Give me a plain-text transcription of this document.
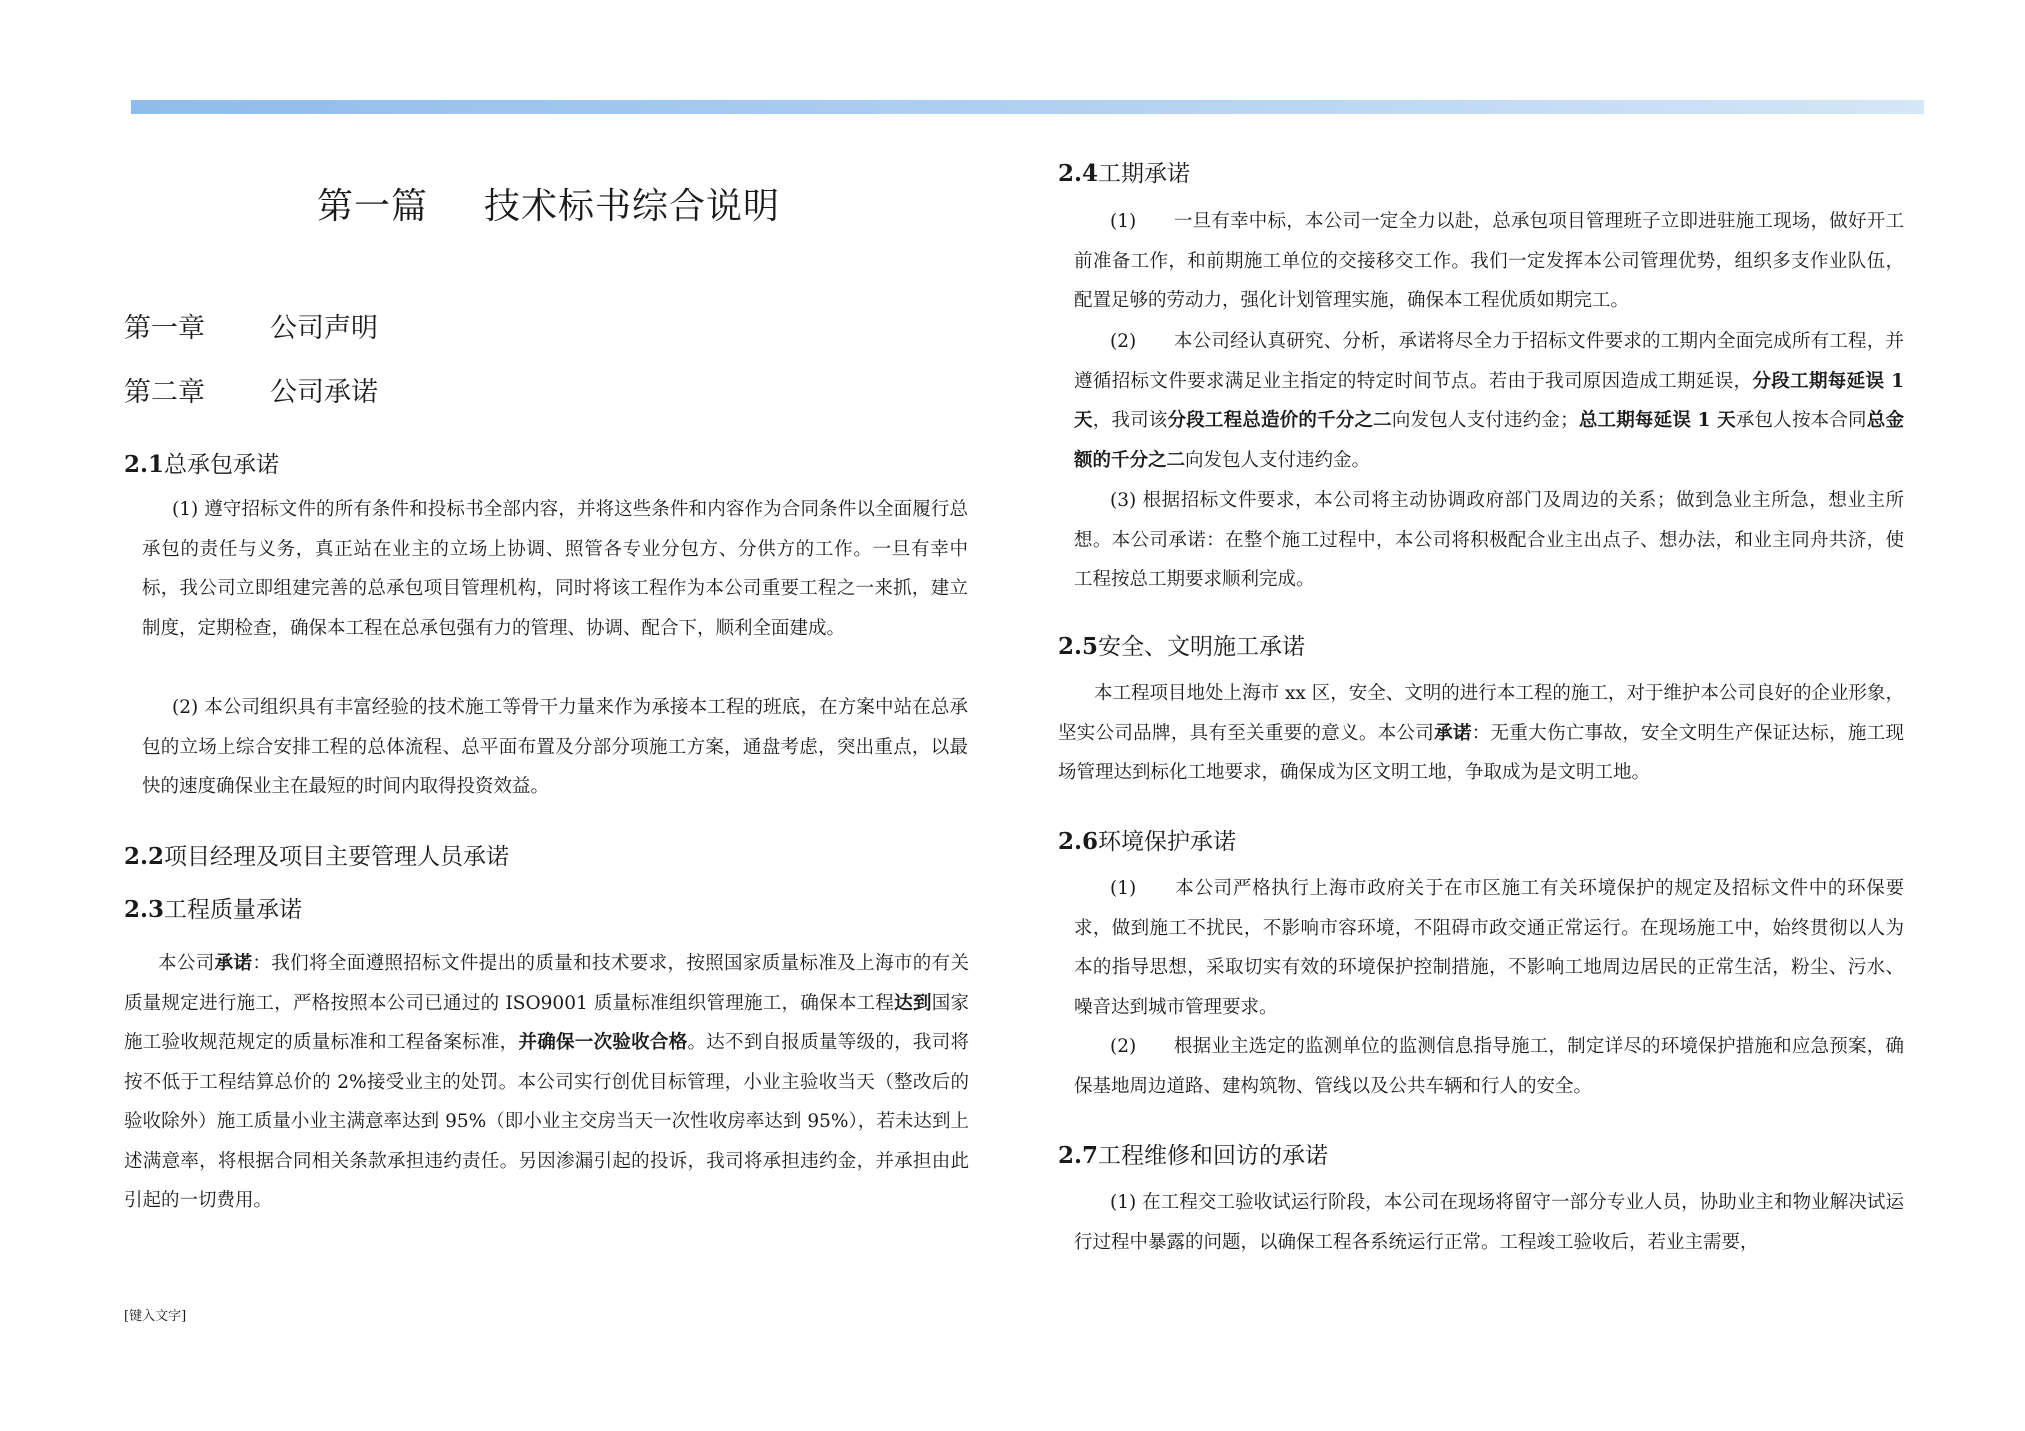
第一篇 技术标书综合说明
第一章 公司声明
第二章 公司承诺
2.1总承包承诺
(1) 遵守招标文件的所有条件和投标书全部内容，并将这些条件和内容作为合同条件以全面履行总承包的责任与义务，真正站在业主的立场上协调、照管各专业分包方、分供方的工作。一旦有幸中标，我公司立即组建完善的总承包项目管理机构，同时将该工程作为本公司重要工程之一来抓，建立制度，定期检查，确保本工程在总承包强有力的管理、协调、配合下，顺利全面建成。
(2) 本公司组织具有丰富经验的技术施工等骨干力量来作为承接本工程的班底，在方案中站在总承包的立场上综合安排工程的总体流程、总平面布置及分部分项施工方案，通盘考虑，突出重点，以最快的速度确保业主在最短的时间内取得投资效益。
2.2项目经理及项目主要管理人员承诺
2.3工程质量承诺
本公司承诺：我们将全面遵照招标文件提出的质量和技术要求，按照国家质量标准及上海市的有关质量规定进行施工，严格按照本公司已通过的 ISO9001 质量标准组织管理施工，确保本工程达到国家施工验收规范规定的质量标准和工程备案标准，并确保一次验收合格。达不到自报质量等级的，我司将按不低于工程结算总价的 2%接受业主的处罚。本公司实行创优目标管理，小业主验收当天（整改后的验收除外）施工质量小业主满意率达到 95%（即小业主交房当天一次性收房率达到 95%），若未达到上述满意率，将根据合同相关条款承担违约责任。另因渗漏引起的投诉，我司将承担违约金，并承担由此引起的一切费用。
2.4工期承诺
(1)　　一旦有幸中标，本公司一定全力以赴，总承包项目管理班子立即进驻施工现场，做好开工前准备工作，和前期施工单位的交接移交工作。我们一定发挥本公司管理优势，组织多支作业队伍，配置足够的劳动力，强化计划管理实施，确保本工程优质如期完工。
(2)　　本公司经认真研究、分析，承诺将尽全力于招标文件要求的工期内全面完成所有工程，并遵循招标文件要求满足业主指定的特定时间节点。若由于我司原因造成工期延误，分段工期每延误 1 天，我司该分段工程总造价的千分之二向发包人支付违约金；总工期每延误 1 天承包人按本合同总金额的千分之二向发包人支付违约金。
(3) 根据招标文件要求，本公司将主动协调政府部门及周边的关系；做到急业主所急，想业主所想。本公司承诺：在整个施工过程中，本公司将积极配合业主出点子、想办法，和业主同舟共济，使工程按总工期要求顺利完成。
2.5安全、文明施工承诺
本工程项目地处上海市 xx 区，安全、文明的进行本工程的施工，对于维护本公司良好的企业形象，坚实公司品牌，具有至关重要的意义。本公司承诺：无重大伤亡事故，安全文明生产保证达标，施工现场管理达到标化工地要求，确保成为区文明工地，争取成为是文明工地。
2.6环境保护承诺
(1)　　本公司严格执行上海市政府关于在市区施工有关环境保护的规定及招标文件中的环保要求，做到施工不扰民，不影响市容环境，不阻碍市政交通正常运行。在现场施工中，始终贯彻以人为本的指导思想，采取切实有效的环境保护控制措施，不影响工地周边居民的正常生活，粉尘、污水、噪音达到城市管理要求。
(2)　　根据业主选定的监测单位的监测信息指导施工，制定详尽的环境保护措施和应急预案，确保基地周边道路、建构筑物、管线以及公共车辆和行人的安全。
2.7工程维修和回访的承诺
(1) 在工程交工验收试运行阶段，本公司在现场将留守一部分专业人员，协助业主和物业解决试运行过程中暴露的问题，以确保工程各系统运行正常。工程竣工验收后，若业主需要，
[键入文字]
